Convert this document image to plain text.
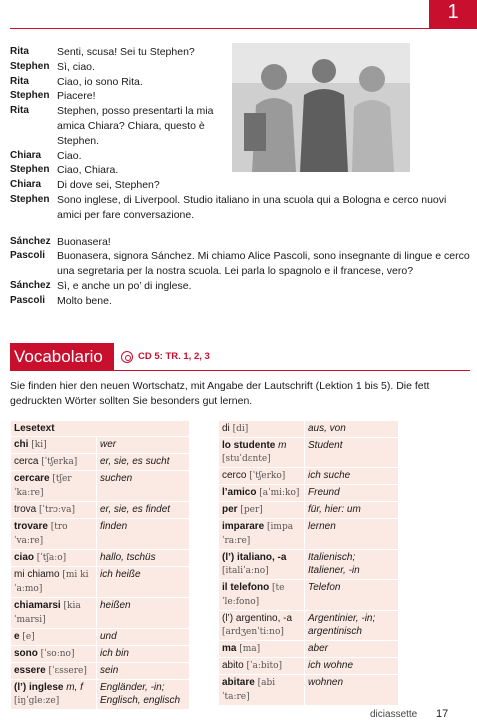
1
Rita	Senti, scusa! Sei tu Stephen?
Stephen Sì, ciao.
Rita	Ciao, io sono Rita.
Stephen Piacere!
Rita	Stephen, posso presentarti la mia amica Chiara? Chiara, questo è Stephen.
Chiara	Ciao.
Stephen Ciao, Chiara.
Chiara	Di dove sei, Stephen?
Stephen Sono inglese, di Liverpool. Studio italiano in una scuola qui a Bologna e cerco nuovi amici per fare conversazione.
Sánchez Buonasera!
Pascoli	Buonasera, signora Sánchez. Mi chiamo Alice Pascoli, sono insegnante di lingue e cerco una segretaria per la nostra scuola. Lei parla lo spagnolo e il francese, vero?
Sánchez Sì, e anche un po’ di inglese.
Pascoli	Molto bene.
Vocabolario	CD 5: TR. 1, 2, 3

Sie finden hier den neuen Wortschatz, mit Angabe der Lautschrift (Lektion 1 bis 5). Die fett gedruckten Wörter sollten Sie besonders gut lernen.

Lesetext	
chi [ki]	wer
cerca [ˈtʃerka]	er, sie, es sucht
cercare [tʃerˈkaːre]	suchen
trova [ˈtrɔːva]	er, sie, es findet
trovare [troˈvaːre]	finden
ciao [ˈtʃaːo]	hallo, tschüs
mi chiamo [mi kiˈaːmo]	ich heiße
chiamarsi [kiaˈmarsi]	heißen
e [e]	und
sono [ˈsoːno]	ich bin
essere [ˈɛssere]	sein
(l’) inglese m, f [iŋˈgleːze]	Engländer, -in; Englisch, englisch
di [di]	aus, von
lo studente m [stuˈdɛnte]	Student
cerco [ˈtʃerko]	ich suche
l’amico [aˈmiːko]	Freund
per [per]	für, hier: um
imparare [impaˈraːre]	lernen
(l’) italiano, -a [italiˈaːno]	Italienisch; Italiener, -in
il telefono [teˈleːfono]	Telefon
(l’) argentino, -a [ardʒenˈtiːno]	Argentinier, -in; argentinisch
ma [ma]	aber
abito [ˈaːbito]	ich wohne
abitare [abiˈtaːre]	wohnen
diciassette 17
